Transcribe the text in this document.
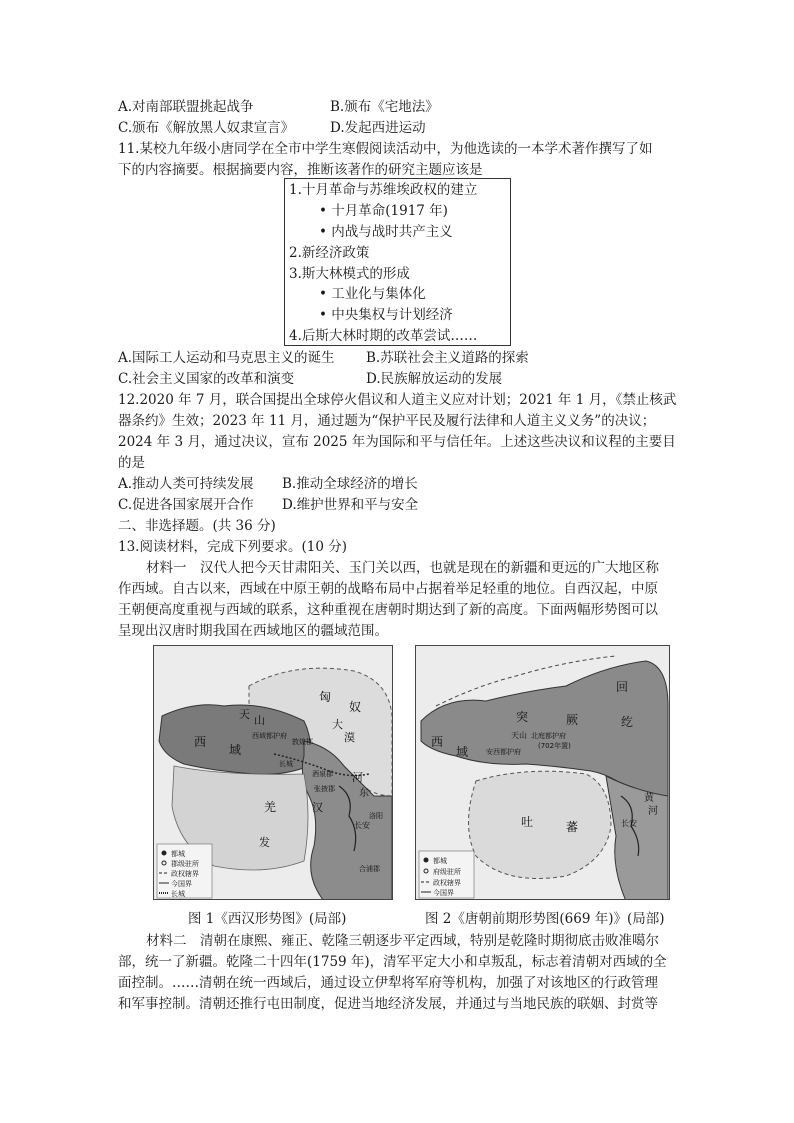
A.对南部联盟挑起战争	B.颁布《宅地法》
C.颁布《解放黑人奴隶宣言》	D.发起西进运动
11.某校九年级小唐同学在全市中学生寒假阅读活动中，为他选读的一本学术著作撰写了如
下的内容摘要。根据摘要内容，推断该著作的研究主题应该是
1.十月革命与苏维埃政权的建立
• 十月革命(1917 年)
• 内战与战时共产主义
2.新经济政策
3.斯大林模式的形成
• 工业化与集体化
• 中央集权与计划经济
4.后斯大林时期的改革尝试……
A.国际工人运动和马克思主义的诞生 B.苏联社会主义道路的探索
C.社会主义国家的改革和演变	D.民族解放运动的发展
12.2020 年 7 月，联合国提出全球停火倡议和人道主义应对计划；2021 年 1 月，《禁止核武
器条约》生效；2023 年 11 月，通过题为“保护平民及履行法律和人道主义义务”的决议；
2024 年 3 月，通过决议，宣布 2025 年为国际和平与信任年。上述这些决议和议程的主要目
的是
A.推动人类可持续发展 B.推动全球经济的增长
C.促进各国家展开合作 D.维护世界和平与安全
二、非选择题。(共 36 分)
13.阅读材料，完成下列要求。(10 分)
材料一　汉代人把今天甘肃阳关、玉门关以西，也就是现在的新疆和更远的广大地区称
作西域。自古以来，西域在中原王朝的战略布局中占据着举足轻重的地位。自西汉起，中原
王朝便高度重视与西域的联系，这种重视在唐朝时期达到了新的高度。下面两幅形势图可以
呈现出汉唐时期我国在西域地区的疆域范围。
天 山
西域都护府
匈
奴
大
漠
敦煌郡
酒泉郡
张掖郡
西
域
羌
长安
发
汉
河
东
洛阳
合浦郡
长城
都城
郡级驻所
政权辖界
今国界
长城
回
纥
突	厥
天山 北庭都护府
(702年置)
安西都护府
西
域
吐	蕃	长安
黄
河
都城
府级驻所
政权辖界
今国界
图 1《西汉形势图》(局部)	图 2《唐朝前期形势图(669 年)》(局部)
材料二　清朝在康熙、雍正、乾隆三朝逐步平定西域，特别是乾隆时期彻底击败准噶尔
部，统一了新疆。乾隆二十四年(1759 年)，清军平定大小和卓叛乱，标志着清朝对西域的全
面控制。……清朝在统一西域后，通过设立伊犁将军府等机构，加强了对该地区的行政管理
和军事控制。清朝还推行屯田制度，促进当地经济发展，并通过与当地民族的联姻、封赏等
